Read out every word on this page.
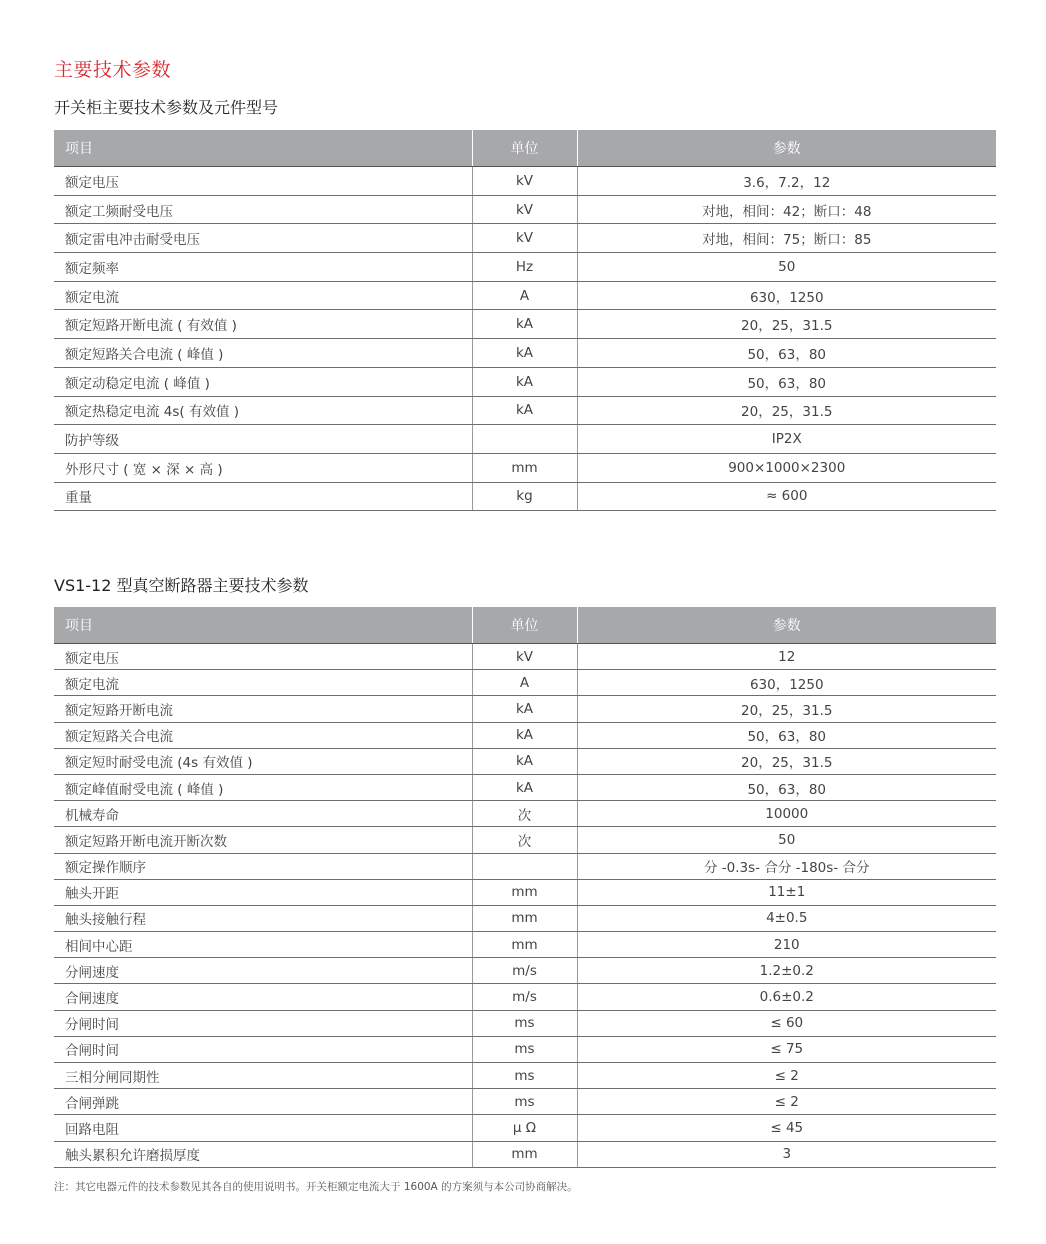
主要技术参数
开关柜主要技术参数及元件型号
项目	单位	参数
额定电压	kV	3.6，7.2，12
额定工频耐受电压	kV	对地，相间：42；断口：48
额定雷电冲击耐受电压	kV	对地，相间：75；断口：85
额定频率	Hz	50
额定电流	A	630，1250
额定短路开断电流 ( 有效值 )	kA	20，25，31.5
额定短路关合电流 ( 峰值 )	kA	50，63，80
额定动稳定电流 ( 峰值 )	kA	50，63，80
额定热稳定电流 4s( 有效值 )	kA	20，25，31.5
防护等级		IP2X
外形尺寸 ( 宽 × 深 × 高 )	mm	900×1000×2300
重量	kg	≈ 600
VS1-12 型真空断路器主要技术参数
项目	单位	参数
额定电压	kV	12
额定电流	A	630，1250
额定短路开断电流	kA	20，25，31.5
额定短路关合电流	kA	50，63，80
额定短时耐受电流 (4s 有效值 )	kA	20，25，31.5
额定峰值耐受电流 ( 峰值 )	kA	50，63，80
机械寿命	次	10000
额定短路开断电流开断次数	次	50
额定操作顺序		分 -0.3s- 合分 -180s- 合分
触头开距	mm	11±1
触头接触行程	mm	4±0.5
相间中心距	mm	210
分闸速度	m/s	1.2±0.2
合闸速度	m/s	0.6±0.2
分闸时间	ms	≤ 60
合闸时间	ms	≤ 75
三相分闸同期性	ms	≤ 2
合闸弹跳	ms	≤ 2
回路电阻	μ Ω	≤ 45
触头累积允许磨损厚度	mm	3
注：其它电器元件的技术参数见其各自的使用说明书。开关柜额定电流大于 1600A 的方案须与本公司协商解决。
